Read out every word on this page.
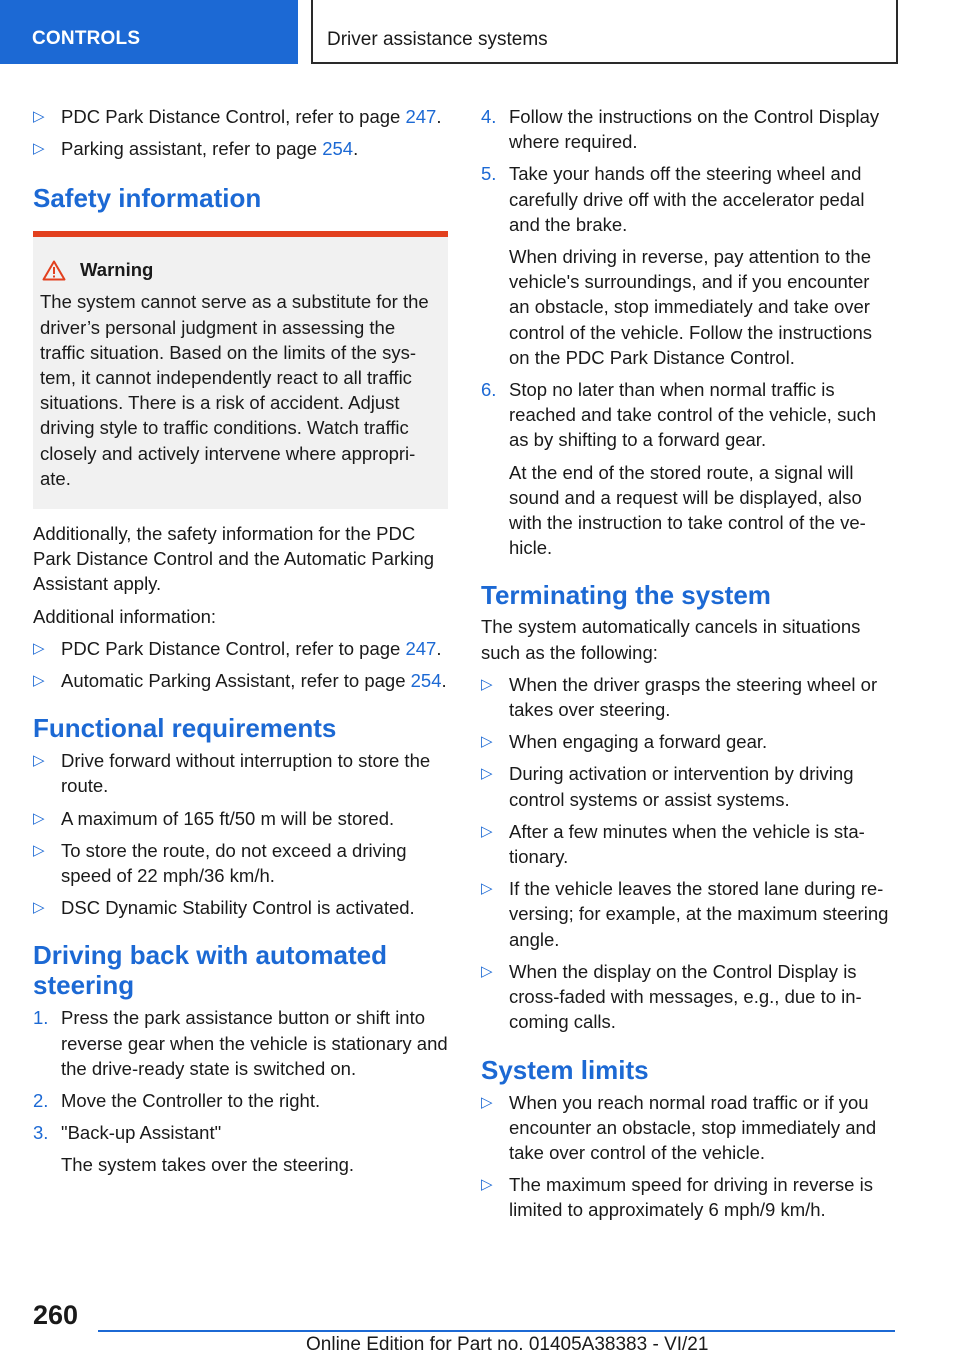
CONTROLS	Driver assistance systems
▷ PDC Park Distance Control, refer to page 247.
▷ Parking assistant, refer to page 254.
Safety information
Warning
The system cannot serve as a substitute for the driver’s personal judgment in assessing the traffic situation. Based on the limits of the system, it cannot independently react to all traffic situations. There is a risk of accident. Adjust driving style to traffic conditions. Watch traffic closely and actively intervene where appropriate.

Additionally, the safety information for the PDC Park Distance Control and the Automatic Parking Assistant apply.

Additional information:

▷ PDC Park Distance Control, refer to page 247.
▷ Automatic Parking Assistant, refer to page 254.
Functional requirements
▷ Drive forward without interruption to store the route.
▷ A maximum of 165 ft/50 m will be stored.
▷ To store the route, do not exceed a driving speed of 22 mph/36 km/h.
▷ DSC Dynamic Stability Control is activated.
Driving back with automated steering
1. Press the park assistance button or shift into reverse gear when the vehicle is stationary and the drive-ready state is switched on.
2. Move the Controller to the right.
3. "Back-up Assistant"
The system takes over the steering.
4. Follow the instructions on the Control Display where required.
5. Take your hands off the steering wheel and carefully drive off with the accelerator pedal and the brake.
When driving in reverse, pay attention to the vehicle's surroundings, and if you encounter an obstacle, stop immediately and take over control of the vehicle. Follow the instructions on the PDC Park Distance Control.
6. Stop no later than when normal traffic is reached and take control of the vehicle, such as by shifting to a forward gear.
At the end of the stored route, a signal will sound and a request will be displayed, also with the instruction to take control of the vehicle.
Terminating the system

The system automatically cancels in situations such as the following:

▷ When the driver grasps the steering wheel or takes over steering.
▷ When engaging a forward gear.
▷ During activation or intervention by driving control systems or assist systems.
▷ After a few minutes when the vehicle is stationary.
▷ If the vehicle leaves the stored lane during reversing; for example, at the maximum steering angle.
▷ When the display on the Control Display is cross-faded with messages, e.g., due to incoming calls.
System limits
▷ When you reach normal road traffic or if you encounter an obstacle, stop immediately and take over control of the vehicle.
▷ The maximum speed for driving in reverse is limited to approximately 6 mph/9 km/h.
260
Online Edition for Part no. 01405A38383 - VI/21
